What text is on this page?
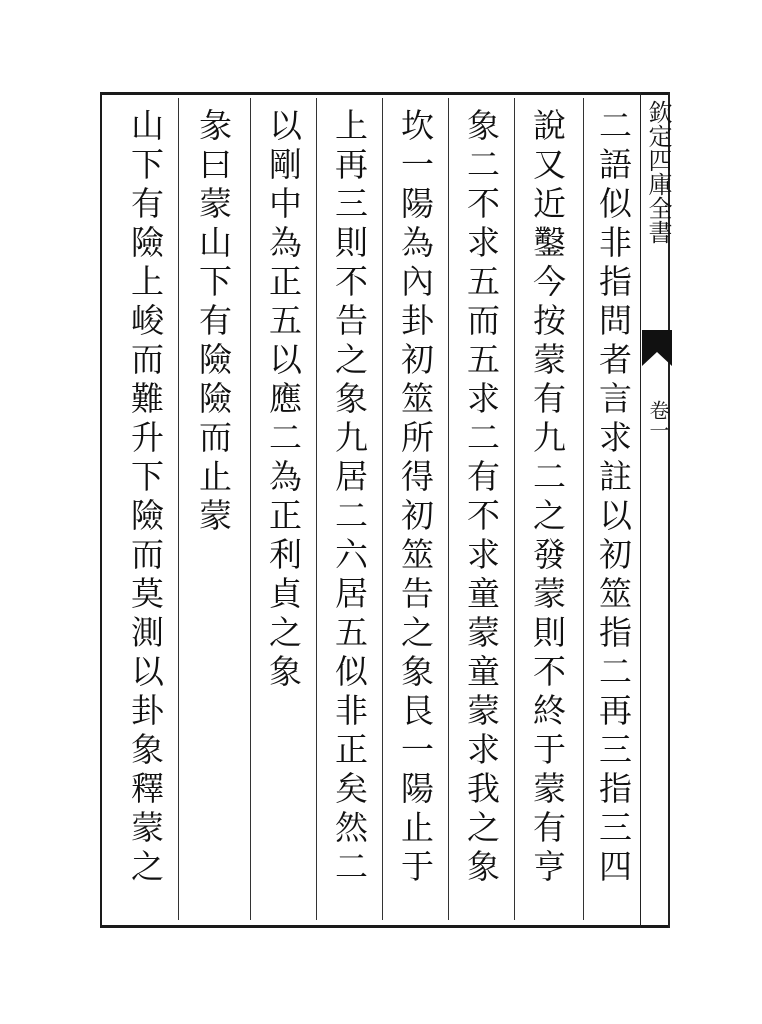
欽定四庫全書
卷一
二語似非指問者言求註以初筮指二再三指三四
說又近鑿今按蒙有九二之發蒙則不終于蒙有亨
象二不求五而五求二有不求童蒙童蒙求我之象
坎一陽為內卦初筮所得初筮告之象艮一陽止于
上再三則不告之象九居二六居五似非正矣然二
以剛中為正五以應二為正利貞之象
彖曰蒙山下有險險而止蒙
山下有險上峻而難升下險而莫測以卦象釋蒙之
